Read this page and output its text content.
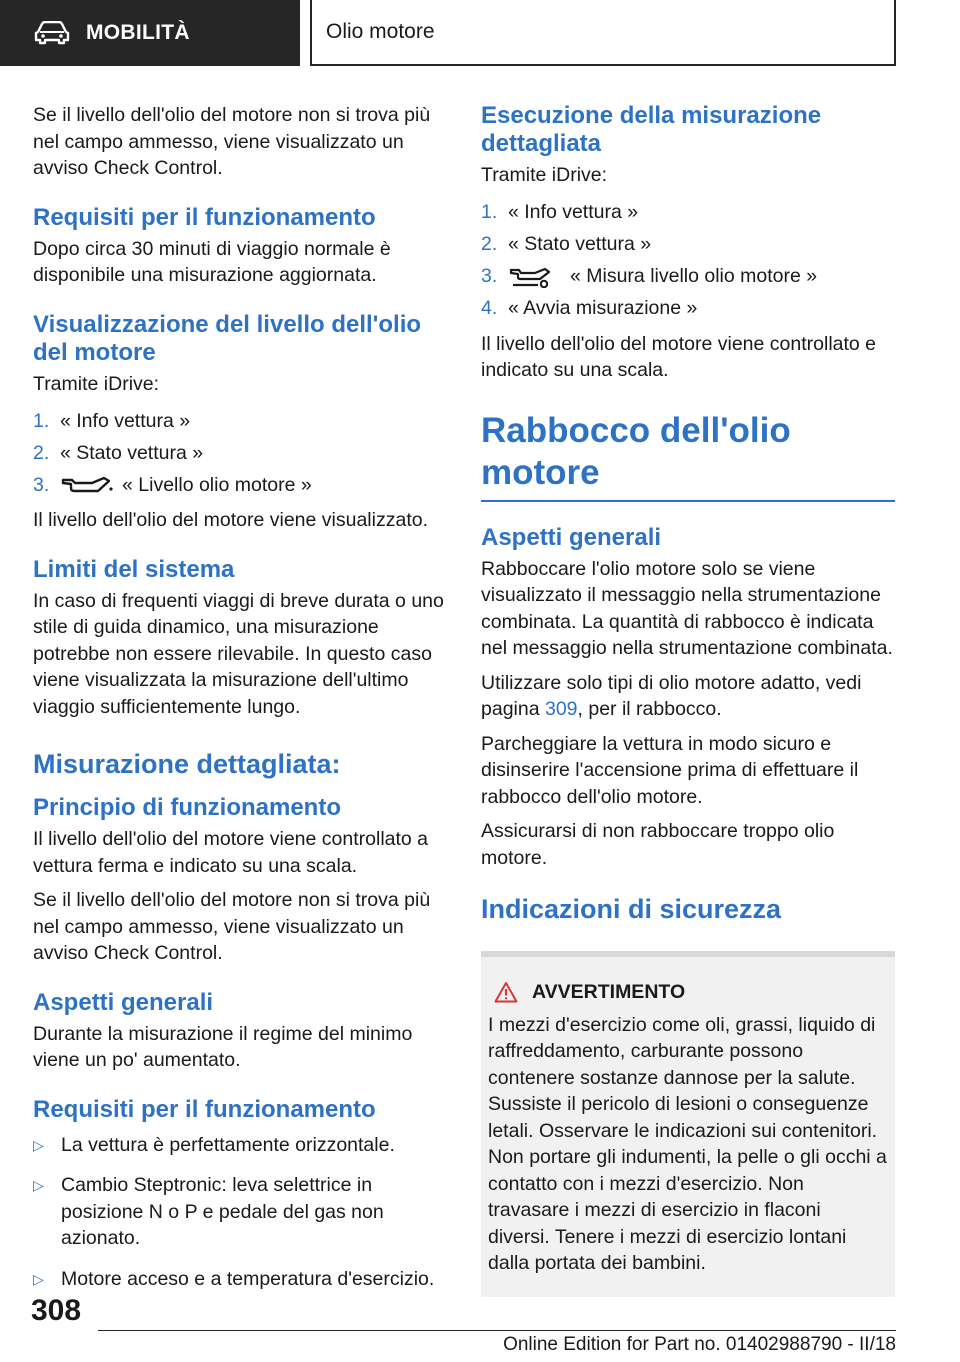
MOBILITÀ	Olio motore

Se il livello dell'olio del motore non si trova più nel campo ammesso, viene visualizzato un avviso Check Control.

Requisiti per il funzionamento

Dopo circa 30 minuti di viaggio normale è disponibile una misurazione aggiornata.

Visualizzazione del livello dell'olio del motore

Tramite iDrive:

1. « Info vettura »
2. « Stato vettura »
3.	« Livello olio motore »

Il livello dell'olio del motore viene visualizzato.

Limiti del sistema

In caso di frequenti viaggi di breve durata o uno stile di guida dinamico, una misurazione potrebbe non essere rilevabile. In questo caso viene visualizzata la misurazione dell'ultimo viaggio sufficientemente lungo.

Misurazione dettagliata:
Principio di funzionamento

Il livello dell'olio del motore viene controllato a vettura ferma e indicato su una scala.

Se il livello dell'olio del motore non si trova più nel campo ammesso, viene visualizzato un avviso Check Control.

Aspetti generali

Durante la misurazione il regime del minimo viene un po' aumentato.

Requisiti per il funzionamento
▷ La vettura è perfettamente orizzontale.
▷ Cambio Steptronic: leva selettrice in posizione N o P e pedale del gas non azionato.
▷ Motore acceso e a temperatura d'esercizio.
Esecuzione della misurazione dettagliata

Tramite iDrive:

1. « Info vettura »
2. « Stato vettura »
3.	« Misura livello olio motore »
4. « Avvia misurazione »

Il livello dell'olio del motore viene controllato e indicato su una scala.

Rabbocco dell'olio motore
Aspetti generali

Rabboccare l'olio motore solo se viene visualizzato il messaggio nella strumentazione combinata. La quantità di rabbocco è indicata nel messaggio nella strumentazione combinata.

Utilizzare solo tipi di olio motore adatto, vedi pagina 309, per il rabbocco.

Parcheggiare la vettura in modo sicuro e disinserire l'accensione prima di effettuare il rabbocco dell'olio motore.

Assicurarsi di non rabboccare troppo olio motore.

Indicazioni di sicurezza
AVVERTIMENTO
I mezzi d'esercizio come oli, grassi, liquido di raffreddamento, carburante possono contenere sostanze dannose per la salute. Sussiste il pericolo di lesioni o conseguenze letali. Osservare le indicazioni sui contenitori. Non portare gli indumenti, la pelle o gli occhi a contatto con i mezzi d'esercizio. Non travasare i mezzi di esercizio in flaconi diversi. Tenere i mezzi di esercizio lontani dalla portata dei bambini.
308
Online Edition for Part no. 01402988790 - II/18
